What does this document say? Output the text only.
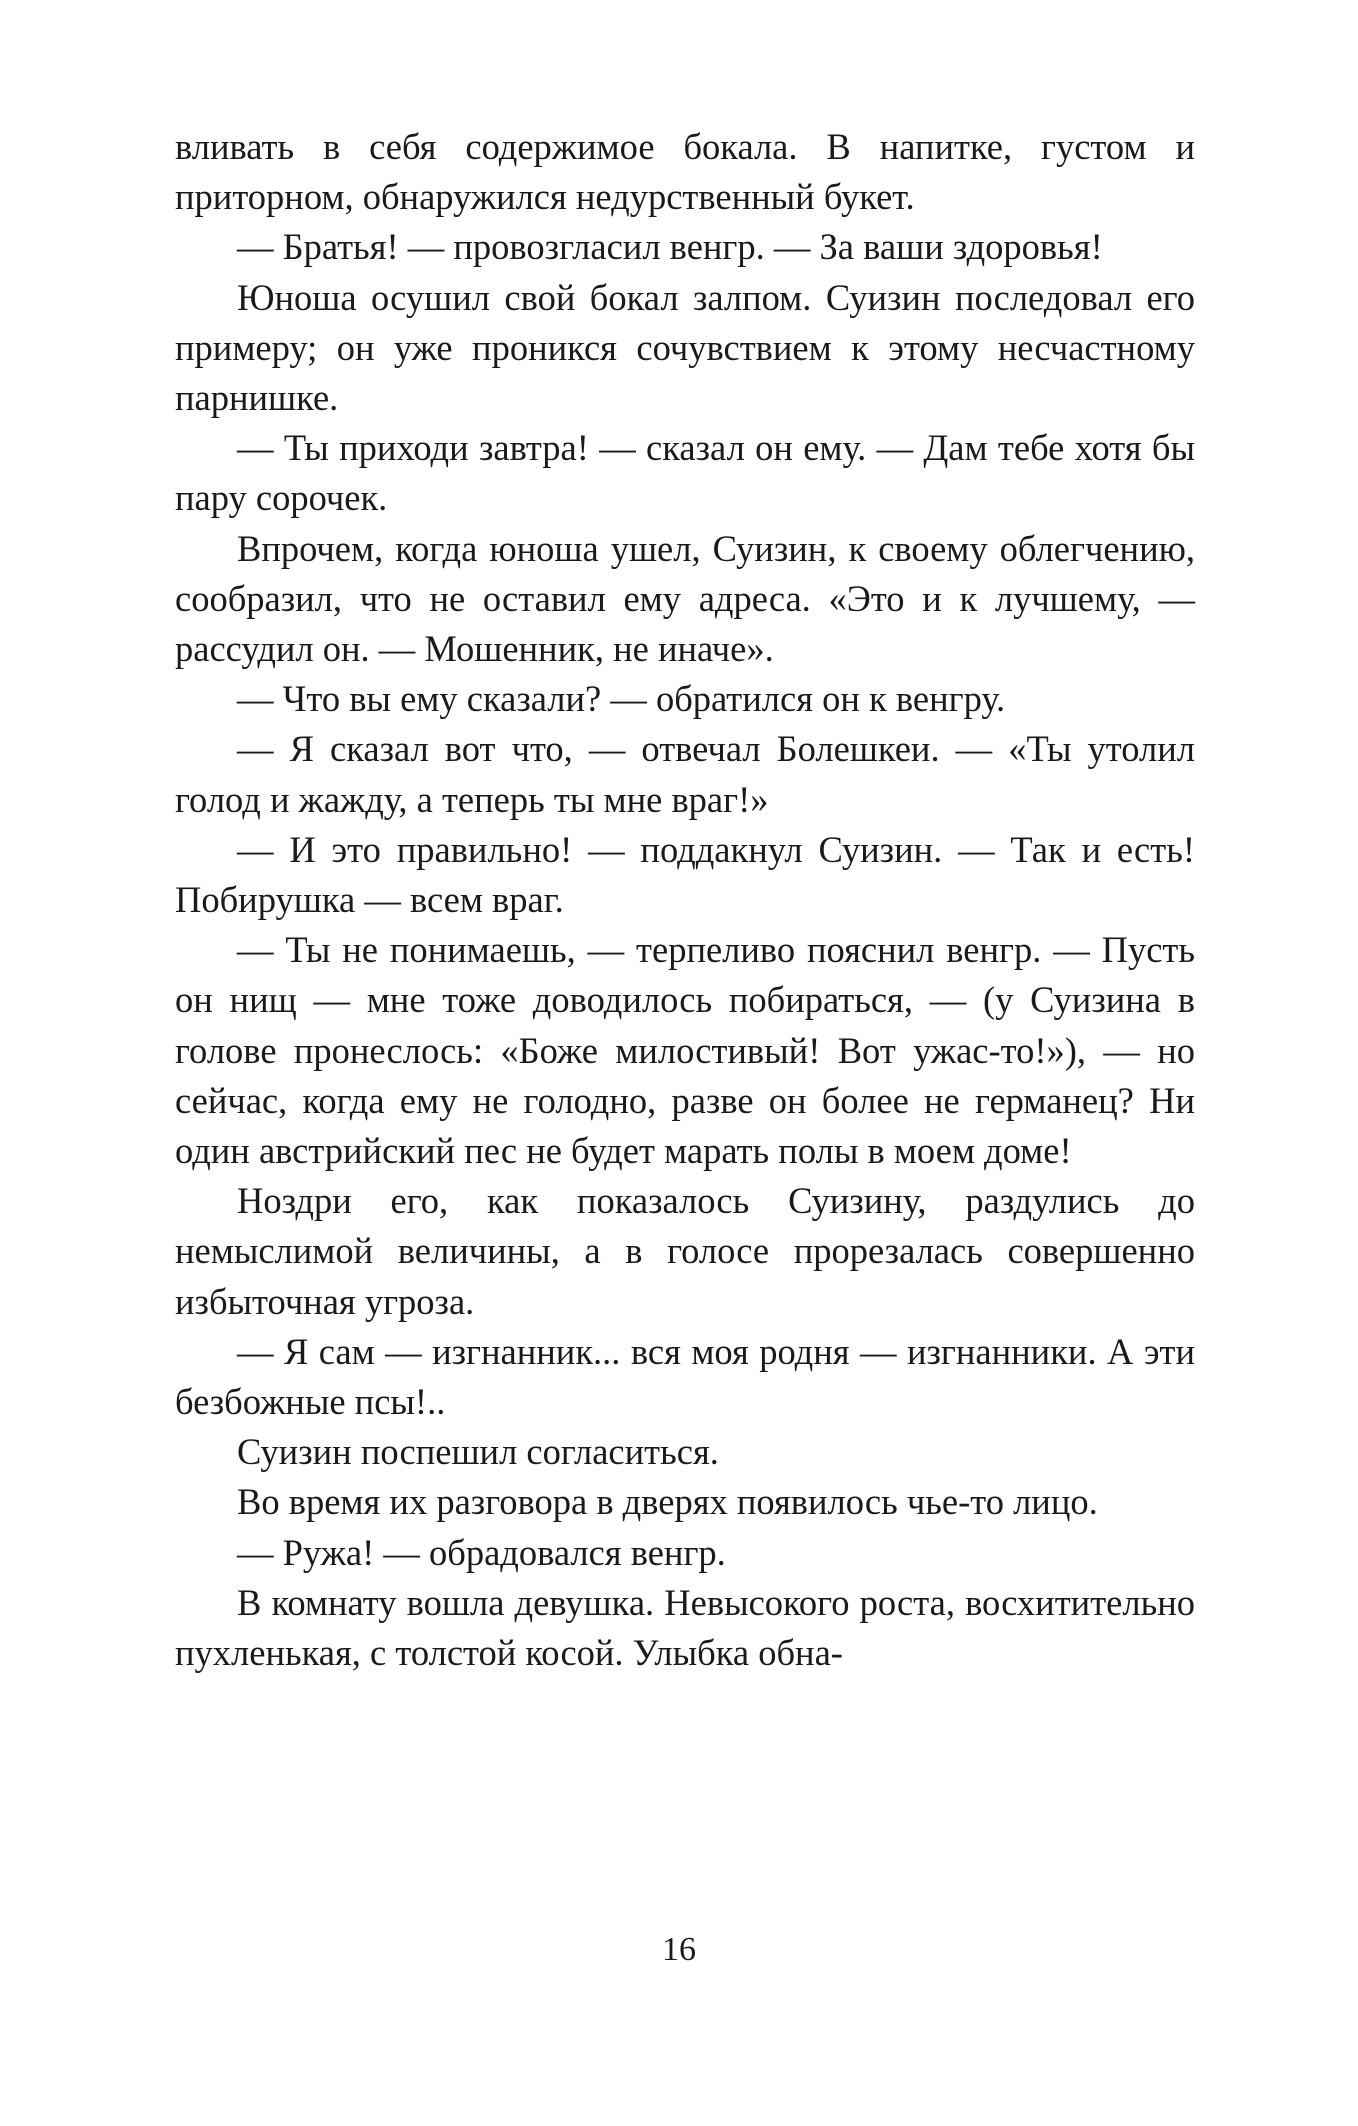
вливать в себя содержимое бокала. В напитке, густом и приторном, обнаружился недурственный букет.

— Братья! — провозгласил венгр. — За ваши здоровья!

Юноша осушил свой бокал залпом. Суизин последовал его примеру; он уже проникся сочувствием к этому несчастному парнишке.

— Ты приходи завтра! — сказал он ему. — Дам тебе хотя бы пару сорочек.

Впрочем, когда юноша ушел, Суизин, к своему облегчению, сообразил, что не оставил ему адреса. «Это и к лучшему, — рассудил он. — Мошенник, не иначе».

— Что вы ему сказали? — обратился он к венгру.

— Я сказал вот что, — отвечал Болешкеи. — «Ты утолил голод и жажду, а теперь ты мне враг!»

— И это правильно! — поддакнул Суизин. — Так и есть! Побирушка — всем враг.

— Ты не понимаешь, — терпеливо пояснил венгр. — Пусть он нищ — мне тоже доводилось побираться, — (у Суизина в голове пронеслось: «Боже милостивый! Вот ужас-то!»), — но сейчас, когда ему не голодно, разве он более не германец? Ни один австрийский пес не будет марать полы в моем доме!

Ноздри его, как показалось Суизину, раздулись до немыслимой величины, а в голосе прорезалась совершенно избыточная угроза.

— Я сам — изгнанник... вся моя родня — изгнанники. А эти безбожные псы!..

Суизин поспешил согласиться.

Во время их разговора в дверях появилось чье-то лицо.

— Ружа! — обрадовался венгр.

В комнату вошла девушка. Невысокого роста, восхитительно пухленькая, с толстой косой. Улыбка обна-

16
